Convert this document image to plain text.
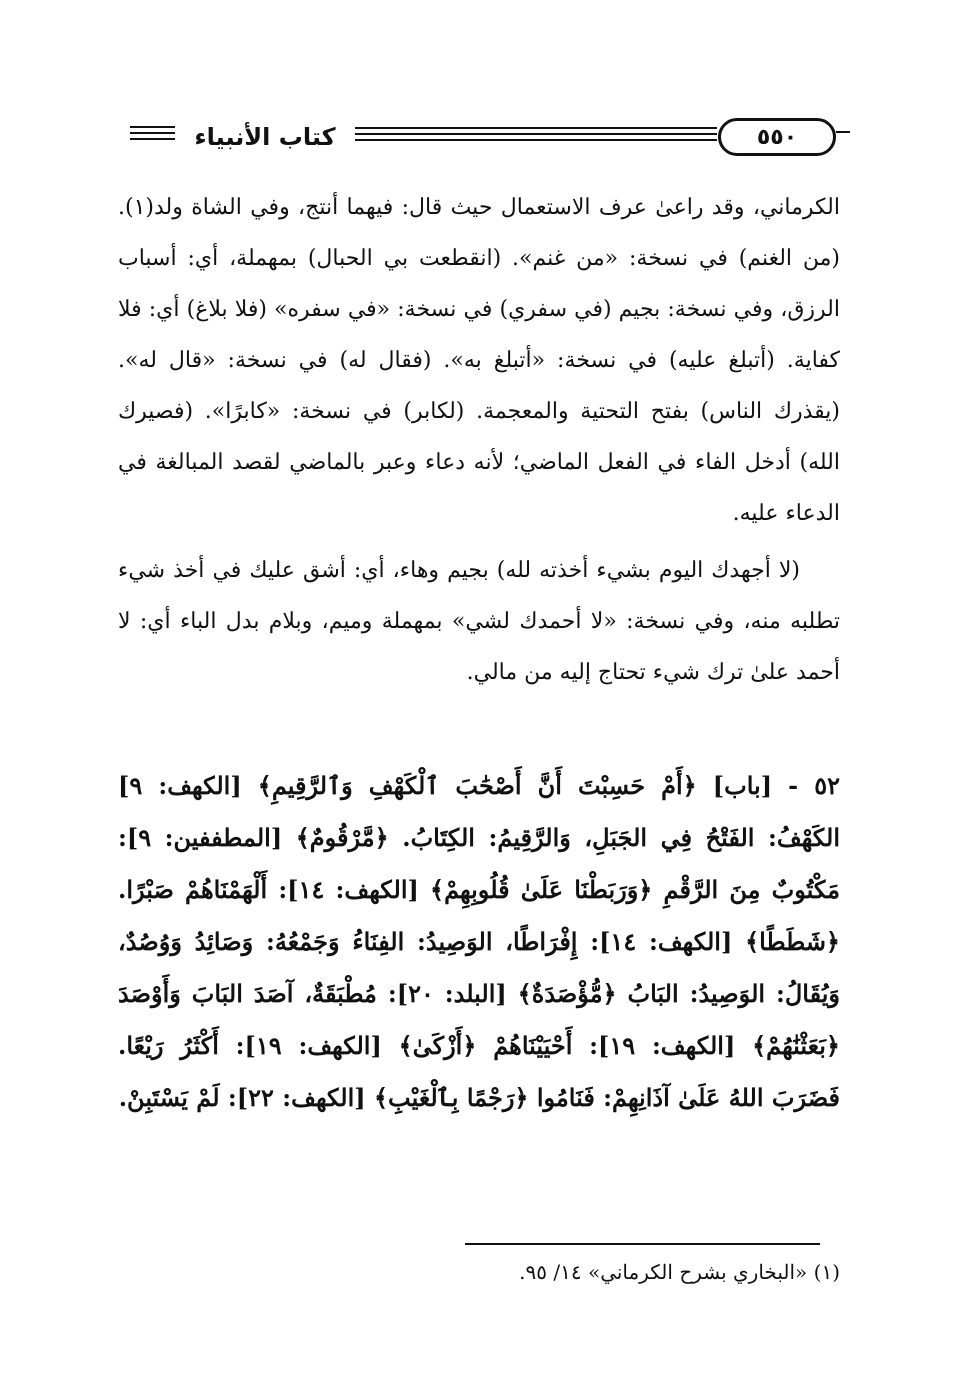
كتاب الأنبياء	٥٥٠

الكرماني، وقد راعىٰ عرف الاستعمال حيث قال: فيهما أنتج، وفي الشاة ولد(١). (من الغنم) في نسخة: «من غنم». (انقطعت بي الحبال) بمهملة، أي: أسباب الرزق، وفي نسخة: بجيم (في سفري) في نسخة: «في سفره» (فلا بلاغ) أي: فلا كفاية. (أتبلغ عليه) في نسخة: «أتبلغ به». (فقال له) في نسخة: «قال له». (يقذرك الناس) بفتح التحتية والمعجمة. (لكابر) في نسخة: «كابرًا». (فصيرك الله) أدخل الفاء في الفعل الماضي؛ لأنه دعاء وعبر بالماضي لقصد المبالغة في الدعاء عليه.

(لا أجهدك اليوم بشيء أخذته لله) بجيم وهاء، أي: أشق عليك في أخذ شيء تطلبه منه، وفي نسخة: «لا أحمدك لشي» بمهملة وميم، وبلام بدل الباء أي: لا أحمد علىٰ ترك شيء تحتاج إليه من مالي.

٥٢ - [باب] ﴿أَمْ حَسِبْتَ أَنَّ أَصْحَٰبَ ٱلْكَهْفِ وَٱلرَّقِيمِ﴾ [الكهف: ٩] الكَهْفُ: الفَتْحُ فِي الجَبَلِ، وَالرَّقِيمُ: الكِتَابُ. ﴿مَّرْقُومٌ﴾ [المطففين: ٩]: مَكْتُوبٌ مِنَ الرَّقْمِ ﴿وَرَبَطْنَا عَلَىٰ قُلُوبِهِمْ﴾ [الكهف: ١٤]: أَلْهَمْنَاهُمْ صَبْرًا. ﴿شَطَطًا﴾ [الكهف: ١٤]: إِفْرَاطًا، الوَصِيدُ: الفِنَاءُ وَجَمْعُهُ: وَصَائِدُ وَوُصُدٌ، وَيُقَالُ: الوَصِيدُ: البَابُ ﴿مُّؤْصَدَةٌ﴾ [البلد: ٢٠]: مُطْبَقَةٌ، آصَدَ البَابَ وَأَوْصَدَ ﴿بَعَثْنَٰهُمْ﴾ [الكهف: ١٩]: أَحْيَيْنَاهُمْ ﴿أَزْكَىٰ﴾ [الكهف: ١٩]: أَكْثَرُ رَيْعًا. فَضَرَبَ اللهُ عَلَىٰ آذَانِهِمْ: فَنَامُوا ﴿رَجْمًا بِٱلْغَيْبِ﴾ [الكهف: ٢٢]: لَمْ يَسْتَبِنْ.

(١) «البخاري بشرح الكرماني» ١٤/ ٩٥.
